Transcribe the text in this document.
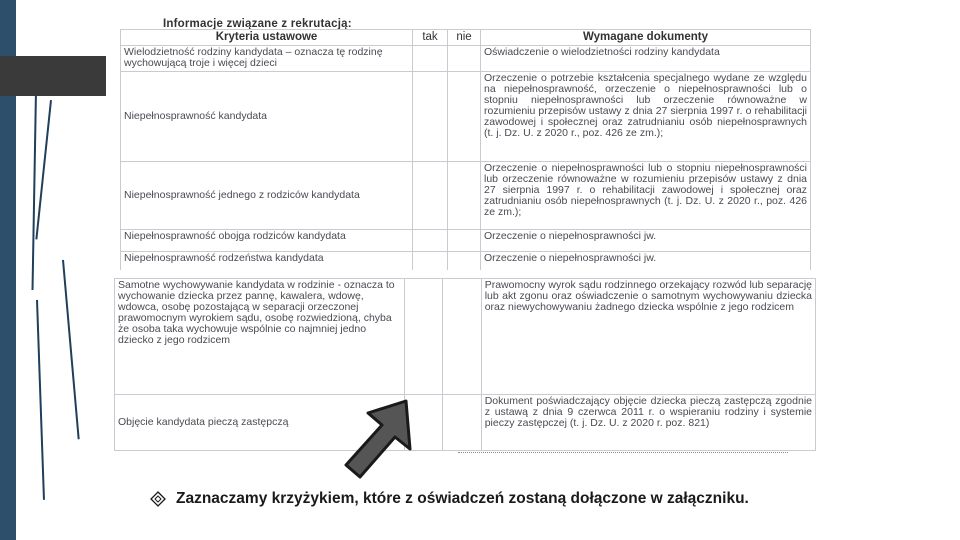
Informacje związane z rekrutacją:
Kryteria ustawowe	tak	nie	Wymagane dokumenty
Wielodzietność rodziny kandydata – oznacza tę rodzinę wychowującą troje i więcej dzieci			Oświadczenie o wielodzietności rodziny kandydata
Niepełnosprawność kandydata			Orzeczenie o potrzebie kształcenia specjalnego wydane ze względu na niepełnosprawność, orzeczenie o niepełnosprawności lub o stopniu niepełnosprawności lub orzeczenie równoważne w rozumieniu przepisów ustawy z dnia 27 sierpnia 1997 r. o rehabilitacji zawodowej i społecznej oraz zatrudnianiu osób niepełnosprawnych (t. j. Dz. U. z 2020 r., poz. 426 ze zm.);
Niepełnosprawność jednego z rodziców kandydata			Orzeczenie o niepełnosprawności lub o stopniu niepełnosprawności lub orzeczenie równoważne w rozumieniu przepisów ustawy z dnia 27 sierpnia 1997 r. o rehabilitacji zawodowej i społecznej oraz zatrudnianiu osób niepełnosprawnych (t. j. Dz. U. z 2020 r., poz. 426 ze zm.);
Niepełnosprawność obojga rodziców kandydata			Orzeczenie o niepełnosprawności jw.
Niepełnosprawność rodzeństwa kandydata			Orzeczenie o niepełnosprawności jw.
Samotne wychowywanie kandydata w rodzinie - oznacza to wychowanie dziecka przez pannę, kawalera, wdowę, wdowca, osobę pozostającą w separacji orzeczonej prawomocnym wyrokiem sądu, osobę rozwiedzioną, chyba że osoba taka wychowuje wspólnie co najmniej jedno dziecko z jego rodzicem			Prawomocny wyrok sądu rodzinnego orzekający rozwód lub separację lub akt zgonu oraz oświadczenie o samotnym wychowywaniu dziecka oraz niewychowywaniu żadnego dziecka wspólnie z jego rodzicem
Objęcie kandydata pieczą zastępczą			Dokument poświadczający objęcie dziecka pieczą zastępczą zgodnie z ustawą z dnia 9 czerwca 2011 r. o wspieraniu rodziny i systemie pieczy zastępczej (t. j. Dz. U. z 2020 r. poz. 821)
Zaznaczamy krzyżykiem, które z oświadczeń zostaną dołączone w załączniku.
